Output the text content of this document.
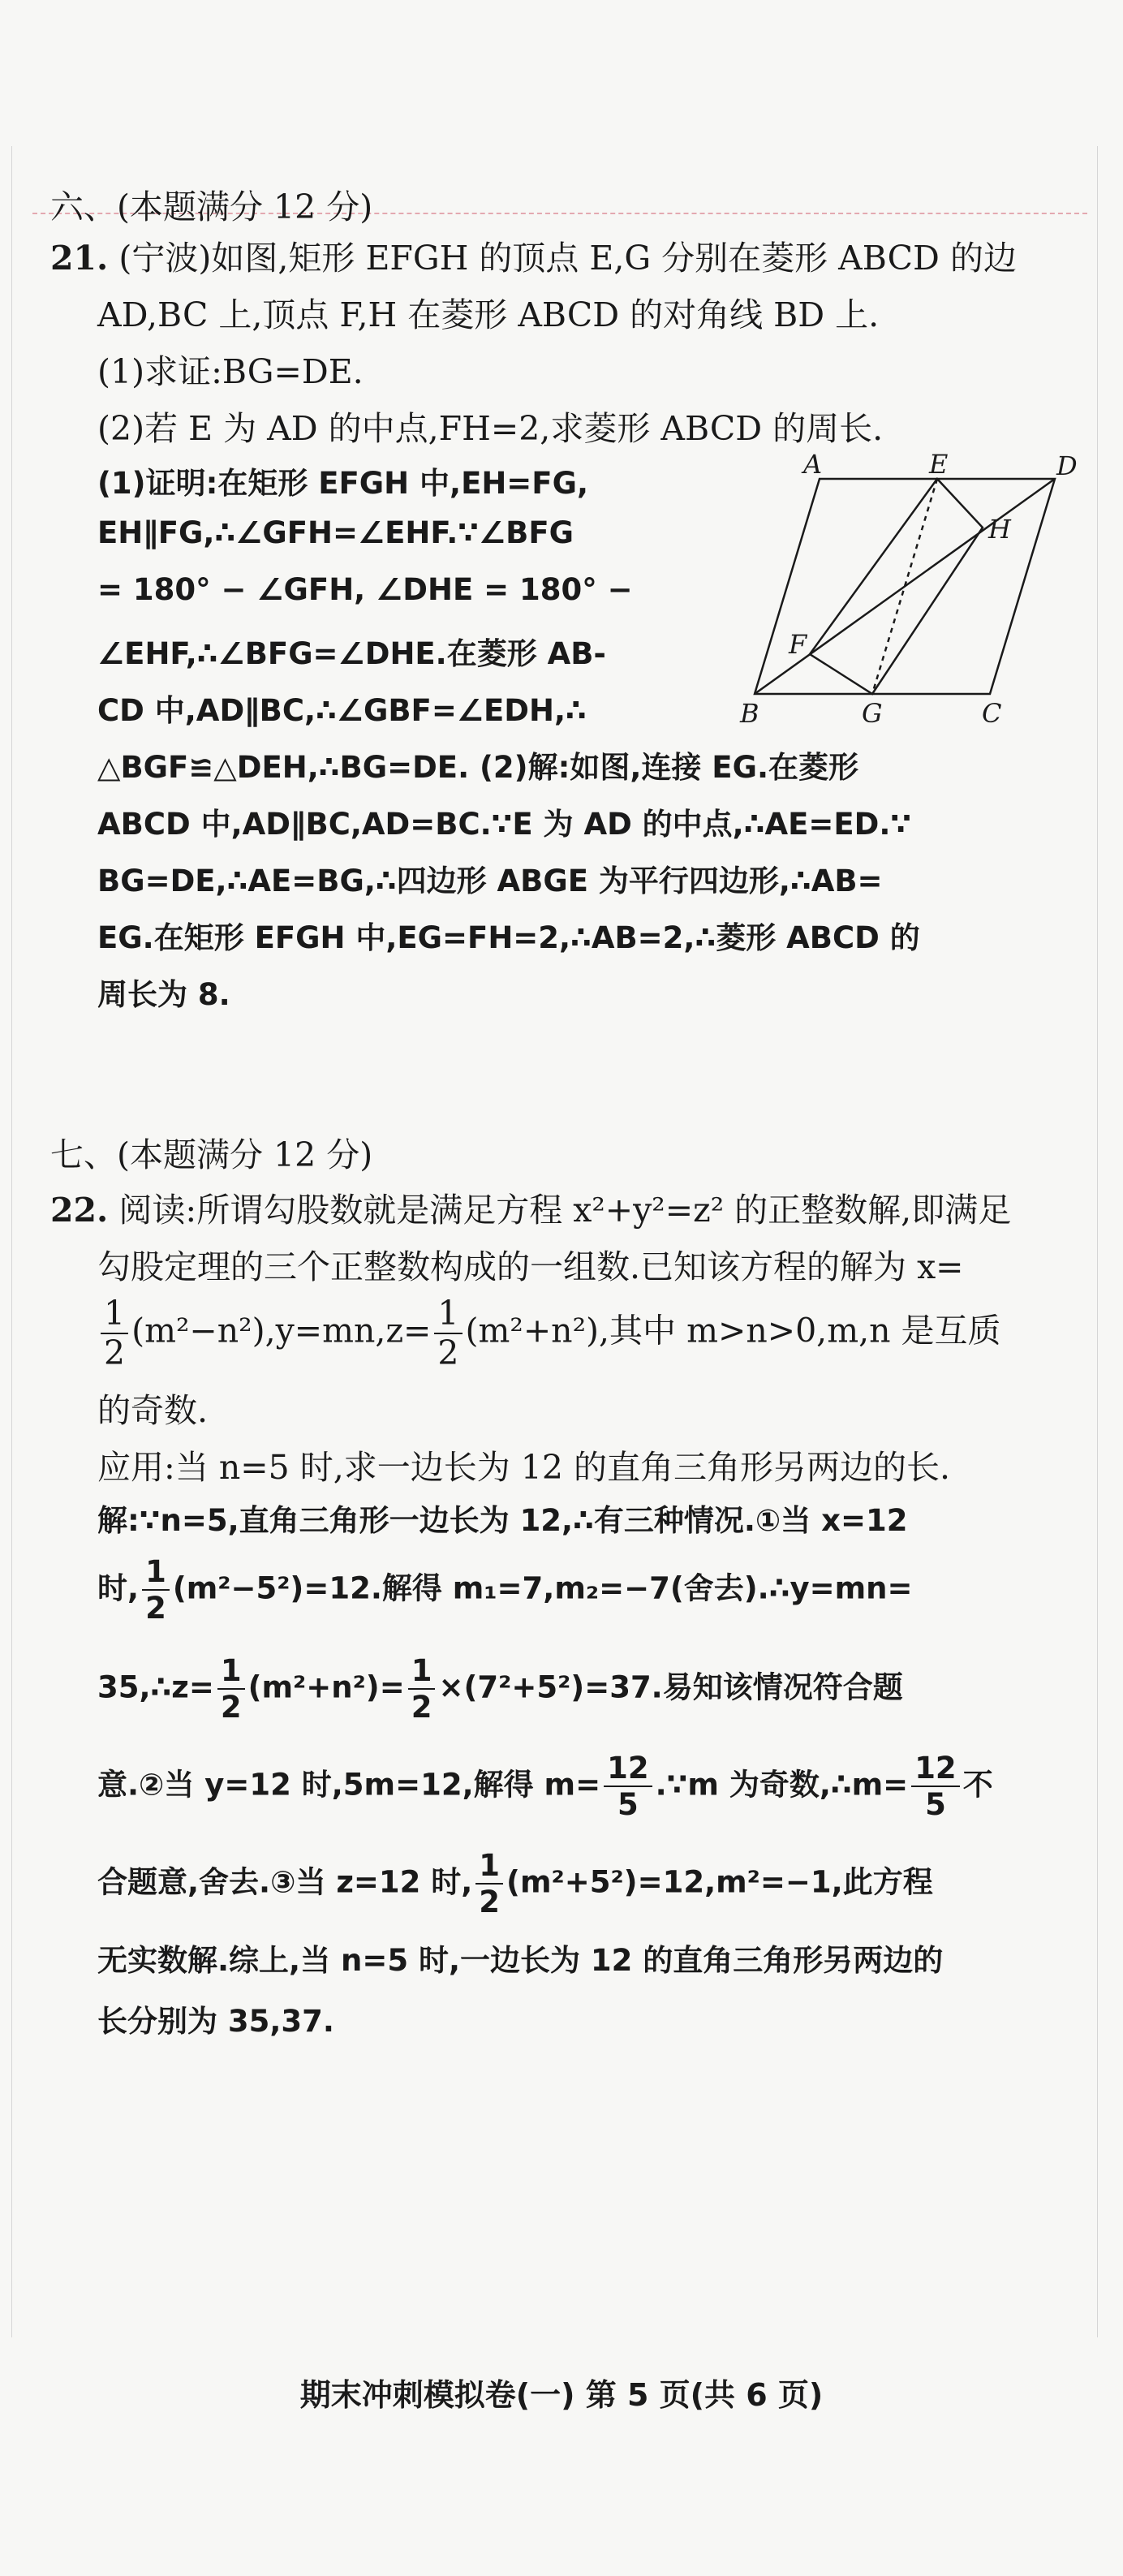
六、(本题满分 12 分)
21. (宁波)如图,矩形 EFGH 的顶点 E,G 分别在菱形 ABCD 的边
AD,BC 上,顶点 F,H 在菱形 ABCD 的对角线 BD 上.
(1)求证:BG=DE.
(2)若 E 为 AD 的中点,FH=2,求菱形 ABCD 的周长.
(1)证明:在矩形 EFGH 中,EH=FG,
EH∥FG,∴∠GFH=∠EHF.∵∠BFG
= 180° − ∠GFH, ∠DHE = 180° −
∠EHF,∴∠BFG=∠DHE.在菱形 AB-
CD 中,AD∥BC,∴∠GBF=∠EDH,∴
△BGF≌△DEH,∴BG=DE. (2)解:如图,连接 EG.在菱形
ABCD 中,AD∥BC,AD=BC.∵E 为 AD 的中点,∴AE=ED.∵
BG=DE,∴AE=BG,∴四边形 ABGE 为平行四边形,∴AB=
EG.在矩形 EFGH 中,EG=FH=2,∴AB=2,∴菱形 ABCD 的
周长为 8.
A	E	D
H
F
B	G	C
七、(本题满分 12 分)
22. 阅读:所谓勾股数就是满足方程 x²+y²=z² 的正整数解,即满足
勾股定理的三个正整数构成的一组数.已知该方程的解为 x=
$\frac{1}{2} (m^2-n^2),y=mn,z= \frac{1}{2} (m^2+n^2)$,其中 m>n>0,m,n 是互质
的奇数.
应用:当 n=5 时,求一边长为 12 的直角三角形另两边的长.
解:∵n=5,直角三角形一边长为 12,∴有三种情况.①当 x=12
时, $\frac{1}{2} (m^2-5^2)=12$.解得 m₁=7,m₂=−7(舍去).∴y=mn=
35,∴z= $\frac{1}{2} (m^2+n^2)= \frac{1}{2} \times(7^2+5^2)=37$.易知该情况符合题
意.②当 y=12 时,5m=12,解得 $m= \frac{12}{5}$ .∵m 为奇数,∴m= $\frac{12}{5}$ 不
合题意,舍去.③当 z=12 时, $\frac{1}{2} (m^2+5^2)=12,m^2=-1$,此方程
无实数解.综上,当 n=5 时,一边长为 12 的直角三角形另两边的
长分别为 35,37.
期末冲刺模拟卷(一) 第 5 页(共 6 页)
